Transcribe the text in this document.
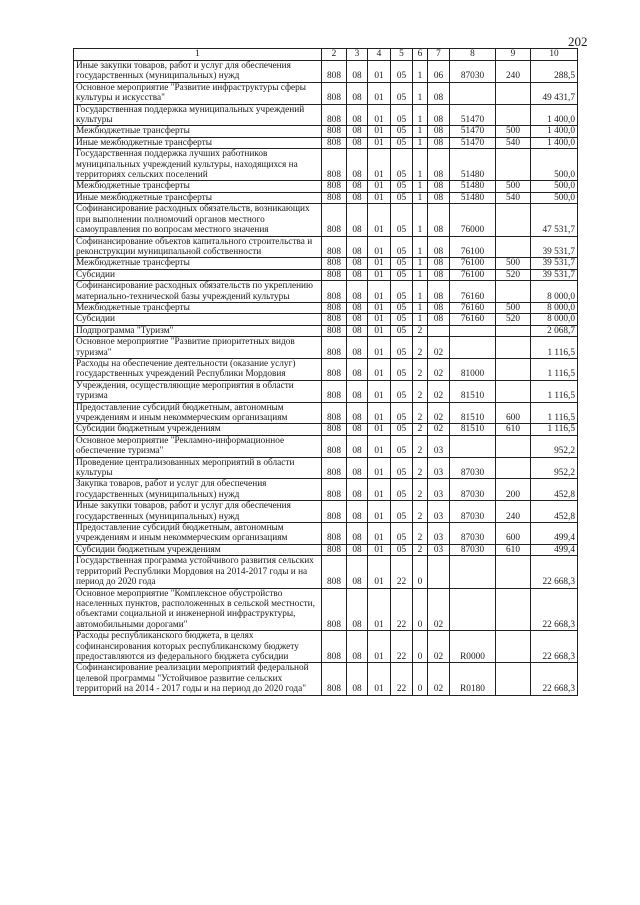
202
1	2	3	4	5	6	7	8	9	10
Иные закупки товаров, работ и услуг для обеспечения государственных (муниципальных) нужд	808	08	01	05	1	06	87030	240	288,5
Основное мероприятие "Развитие инфраструктуры сферы культуры и искусства"	808	08	01	05	1	08			49 431,7
Государственная поддержка муниципальных учреждений культуры	808	08	01	05	1	08	51470		1 400,0
Межбюджетные трансферты	808	08	01	05	1	08	51470	500	1 400,0
Иные межбюджетные трансферты	808	08	01	05	1	08	51470	540	1 400,0
Государственная поддержка лучших работников муниципальных учреждений культуры, находящихся на территориях сельских поселений	808	08	01	05	1	08	51480		500,0
Межбюджетные трансферты	808	08	01	05	1	08	51480	500	500,0
Иные межбюджетные трансферты	808	08	01	05	1	08	51480	540	500,0
Софинансирование расходных обязательств, возникающих при выполнении полномочий органов местного самоуправления по вопросам местного значения	808	08	01	05	1	08	76000		47 531,7
Софинансирование объектов капитального строительства и реконструкции муниципальной собственности	808	08	01	05	1	08	76100		39 531,7
Межбюджетные трансферты	808	08	01	05	1	08	76100	500	39 531,7
Субсидии	808	08	01	05	1	08	76100	520	39 531,7
Софинансирование расходных обязательств по укреплению материально-технической базы учреждений культуры	808	08	01	05	1	08	76160		8 000,0
Межбюджетные трансферты	808	08	01	05	1	08	76160	500	8 000,0
Субсидии	808	08	01	05	1	08	76160	520	8 000,0
Подпрограмма "Туризм"	808	08	01	05	2				2 068,7
Основное мероприятие "Развитие приоритетных видов туризма"	808	08	01	05	2	02			1 116,5
Расходы на обеспечение деятельности (оказание услуг) государственных учреждений Республики Мордовия	808	08	01	05	2	02	81000		1 116,5
Учреждения, осуществляющие мероприятия в области туризма	808	08	01	05	2	02	81510		1 116,5
Предоставление субсидий бюджетным, автономным учреждениям и иным некоммерческим организациям	808	08	01	05	2	02	81510	600	1 116,5
Субсидии бюджетным учреждениям	808	08	01	05	2	02	81510	610	1 116,5
Основное мероприятие "Рекламно-информационное обеспечение туризма"	808	08	01	05	2	03			952,2
Проведение централизованных мероприятий в области культуры	808	08	01	05	2	03	87030		952,2
Закупка товаров, работ и услуг для обеспечения государственных (муниципальных) нужд	808	08	01	05	2	03	87030	200	452,8
Иные закупки товаров, работ и услуг для обеспечения государственных (муниципальных) нужд	808	08	01	05	2	03	87030	240	452,8
Предоставление субсидий бюджетным, автономным учреждениям и иным некоммерческим организациям	808	08	01	05	2	03	87030	600	499,4
Субсидии бюджетным учреждениям	808	08	01	05	2	03	87030	610	499,4
Государственная программа устойчивого развития сельских территорий Республики Мордовия на 2014-2017 годы и на период до 2020 года	808	08	01	22	0				22 668,3
Основное мероприятие "Комплексное обустройство населенных пунктов, расположенных в сельской местности, объектами социальной и инженерной инфраструктуры, автомобильными дорогами"	808	08	01	22	0	02			22 668,3
Расходы республиканского бюджета, в целях софинансирования которых республиканскому бюджету предоставляются из федерального бюджета субсидии	808	08	01	22	0	02	R0000		22 668,3
Софинансирование реализации мероприятий федеральной целевой программы "Устойчивое развитие сельских территорий на 2014 - 2017 годы и на период до 2020 года"	808	08	01	22	0	02	R0180		22 668,3
